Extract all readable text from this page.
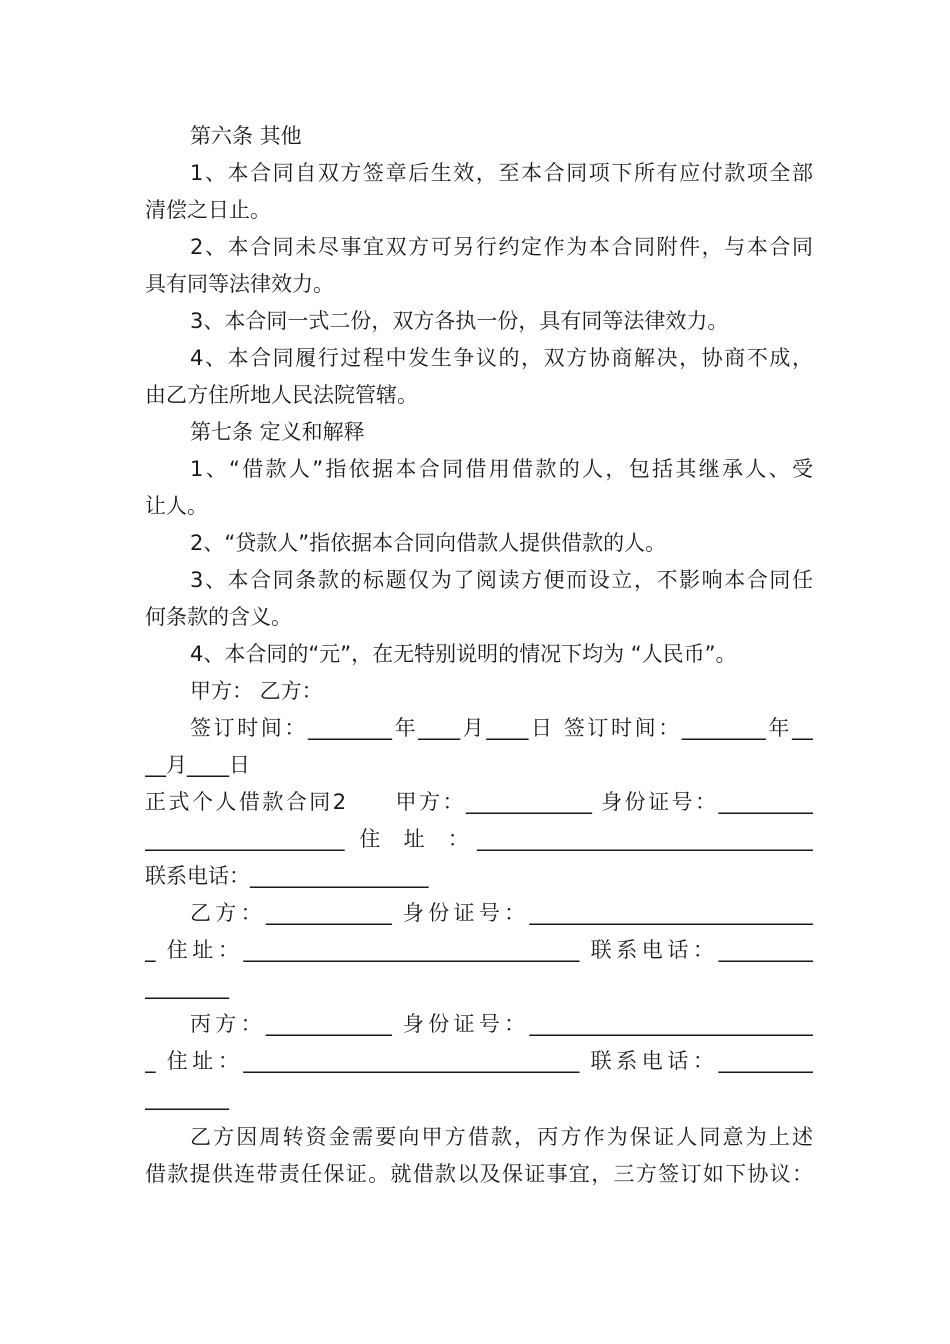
第六条 其他
1、本合同自双方签章后生效，至本合同项下所有应付款项全部
清偿之日止。
2、本合同未尽事宜双方可另行约定作为本合同附件，与本合同
具有同等法律效力。
3、本合同一式二份，双方各执一份，具有同等法律效力。
4、本合同履行过程中发生争议的，双方协商解决，协商不成，
由乙方住所地人民法院管辖。
第七条 定义和解释
1、“借款人”指依据本合同借用借款的人，包括其继承人、受
让人。
2、“贷款人”指依据本合同向借款人提供借款的人。
3、本合同条款的标题仅为了阅读方便而设立，不影响本合同任
何条款的含义。
4、本合同的“元”，在无特别说明的情况下均为 “人民币”。
甲方： 乙方：
签订时间：________年____月____日 签订时间：________年__
__月____日
正式个人借款合同2　　甲方：____________ 身份证号：_________
___________________ 住 址 ：________________________________
联系电话：_________________
乙方：____________ 身份证号：___________________________
_ 住址：________________________________ 联系电话：_________
________
丙方：____________ 身份证号：___________________________
_ 住址：________________________________ 联系电话：_________
________
乙方因周转资金需要向甲方借款，丙方作为保证人同意为上述
借款提供连带责任保证。就借款以及保证事宜，三方签订如下协议：
